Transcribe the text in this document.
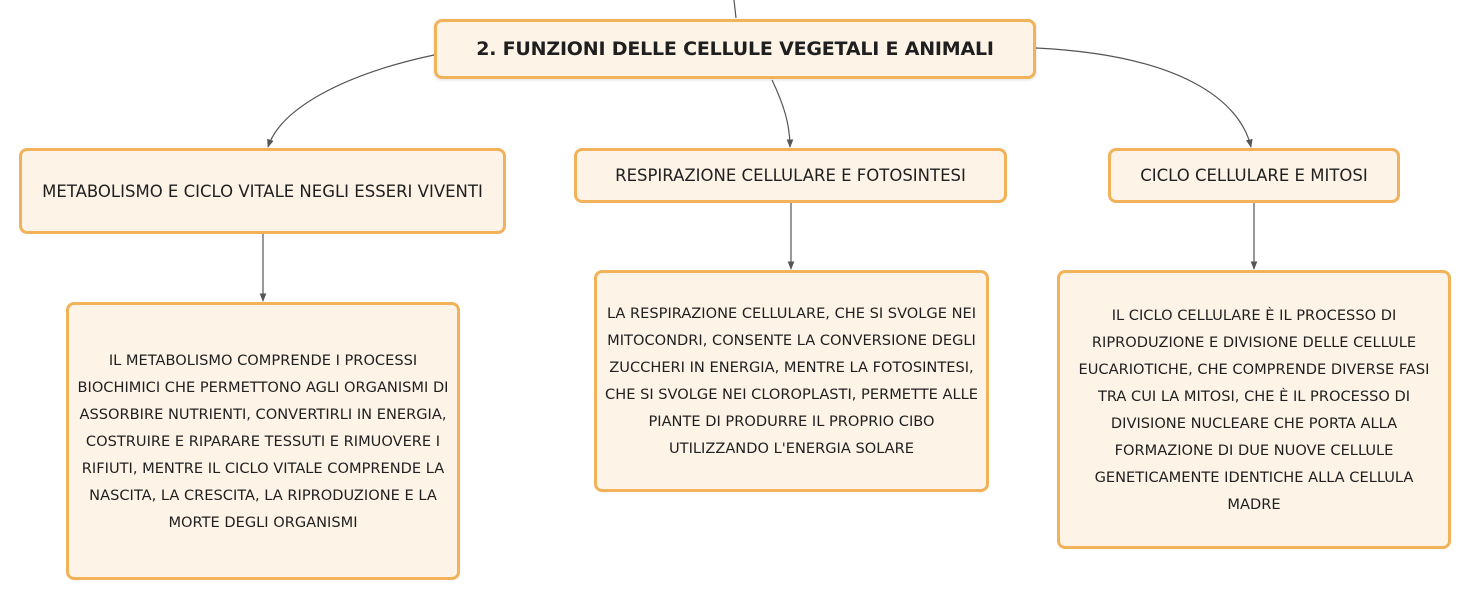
2. FUNZIONI DELLE CELLULE VEGETALI E ANIMALI
METABOLISMO E CICLO VITALE NEGLI ESSERI VIVENTI
RESPIRAZIONE CELLULARE E FOTOSINTESI	CICLO CELLULARE E MITOSI
IL METABOLISMO COMPRENDE I PROCESSI BIOCHIMICI CHE PERMETTONO AGLI ORGANISMI DI ASSORBIRE NUTRIENTI, CONVERTIRLI IN ENERGIA, COSTRUIRE E RIPARARE TESSUTI E RIMUOVERE I RIFIUTI, MENTRE IL CICLO VITALE COMPRENDE LA NASCITA, LA CRESCITA, LA RIPRODUZIONE E LA MORTE DEGLI ORGANISMI
LA RESPIRAZIONE CELLULARE, CHE SI SVOLGE NEI MITOCONDRI, CONSENTE LA CONVERSIONE DEGLI ZUCCHERI IN ENERGIA, MENTRE LA FOTOSINTESI, CHE SI SVOLGE NEI CLOROPLASTI, PERMETTE ALLE PIANTE DI PRODURRE IL PROPRIO CIBO UTILIZZANDO L'ENERGIA SOLARE
IL CICLO CELLULARE È IL PROCESSO DI RIPRODUZIONE E DIVISIONE DELLE CELLULE EUCARIOTICHE, CHE COMPRENDE DIVERSE FASI TRA CUI LA MITOSI, CHE È IL PROCESSO DI DIVISIONE NUCLEARE CHE PORTA ALLA FORMAZIONE DI DUE NUOVE CELLULE GENETICAMENTE IDENTICHE ALLA CELLULA MADRE
